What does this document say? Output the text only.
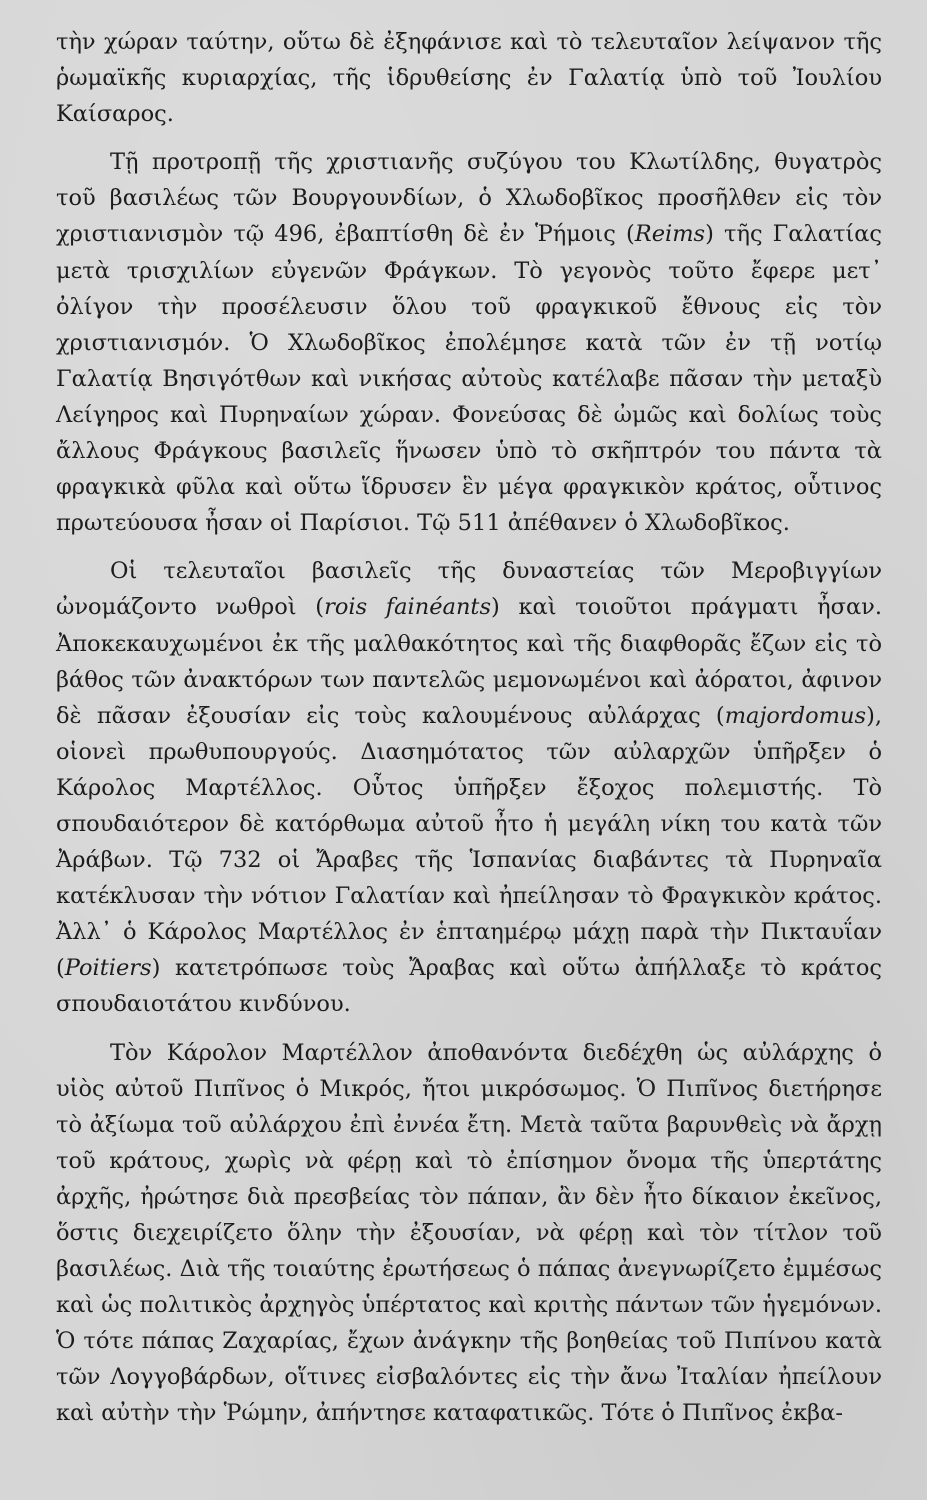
τὴν χώραν ταύτην, οὕτω δὲ ἐξηφάνισε καὶ τὸ τελευταῖον λείψανον τῆς ῥωμαϊκῆς κυριαρχίας, τῆς ἱδρυθείσης ἐν Γαλατίᾳ ὑπὸ τοῦ Ἰουλίου Καίσαρος.

Τῇ προτροπῇ τῆς χριστιανῆς συζύγου του Κλωτίλδης, θυγατρὸς τοῦ βασιλέως τῶν Βουργουνδίων, ὁ Χλωδοβῖκος προσῆλθεν εἰς τὸν χριστιανισμὸν τῷ 496, ἐβαπτίσθη δὲ ἐν Ῥήμοις (Reims) τῆς Γαλατίας μετὰ τρισχιλίων εὐγενῶν Φράγκων. Τὸ γεγονὸς τοῦτο ἔφερε μετ᾽ ὀλίγον τὴν προσέλευσιν ὅλου τοῦ φραγκικοῦ ἔθνους εἰς τὸν χριστιανισμόν. Ὁ Χλωδοβῖκος ἐπολέμησε κατὰ τῶν ἐν τῇ νοτίῳ Γαλατίᾳ Βησιγότθων καὶ νικήσας αὐτοὺς κατέλαβε πᾶσαν τὴν μεταξὺ Λείγηρος καὶ Πυρηναίων χώραν. Φονεύσας δὲ ὠμῶς καὶ δολίως τοὺς ἄλλους Φράγκους βασιλεῖς ἥνωσεν ὑπὸ τὸ σκῆπτρόν του πάντα τὰ φραγκικὰ φῦλα καὶ οὕτω ἵδρυσεν ἓν μέγα φραγκικὸν κράτος, οὗτινος πρωτεύουσα ἦσαν οἱ Παρίσιοι. Τῷ 511 ἀπέθανεν ὁ Χλωδοβῖκος.

Οἱ τελευταῖοι βασιλεῖς τῆς δυναστείας τῶν Μεροβιγγίων ὠνομάζοντο νωθροὶ (rois fainéants) καὶ τοιοῦτοι πράγματι ἦσαν. Ἀποκεκαυχωμένοι ἐκ τῆς μαλθακότητος καὶ τῆς διαφθορᾶς ἔζων εἰς τὸ βάθος τῶν ἀνακτόρων των παντελῶς μεμονωμένοι καὶ ἀόρατοι, ἀφινον δὲ πᾶσαν ἐξουσίαν εἰς τοὺς καλουμένους αὐλάρχας (majordomus), οἱονεὶ πρωθυπουργούς. Διασημότατος τῶν αὐλαρχῶν ὑπῆρξεν ὁ Κάρολος Μαρτέλλος. Οὗτος ὑπῆρξεν ἔξοχος πολεμιστής. Τὸ σπουδαιότερον δὲ κατόρθωμα αὐτοῦ ἦτο ἡ μεγάλη νίκη του κατὰ τῶν Ἀράβων. Τῷ 732 οἱ Ἄραβες τῆς Ἱσπανίας διαβάντες τὰ Πυρηναῖα κατέκλυσαν τὴν νότιον Γαλατίαν καὶ ἠπείλησαν τὸ Φραγκικὸν κράτος. Ἀλλ᾽ ὁ Κάρολος Μαρτέλλος ἐν ἑπταημέρῳ μάχῃ παρὰ τὴν Πικταυΐαν (Poitiers) κατετρόπωσε τοὺς Ἄραβας καὶ οὕτω ἀπήλλαξε τὸ κράτος σπουδαιοτάτου κινδύνου.

Τὸν Κάρολον Μαρτέλλον ἀποθανόντα διεδέχθη ὡς αὐλάρχης ὁ υἱὸς αὐτοῦ Πιπῖνος ὁ Μικρός, ἤτοι μικρόσωμος. Ὁ Πιπῖνος διετήρησε τὸ ἀξίωμα τοῦ αὐλάρχου ἐπὶ ἐννέα ἔτη. Μετὰ ταῦτα βαρυνθεὶς νὰ ἄρχῃ τοῦ κράτους, χωρὶς νὰ φέρῃ καὶ τὸ ἐπίσημον ὄνομα τῆς ὑπερτάτης ἀρχῆς, ἠρώτησε διὰ πρεσβείας τὸν πάπαν, ἂν δὲν ἦτο δίκαιον ἐκεῖνος, ὅστις διεχειρίζετο ὅλην τὴν ἐξουσίαν, νὰ φέρῃ καὶ τὸν τίτλον τοῦ βασιλέως. Διὰ τῆς τοιαύτης ἐρωτήσεως ὁ πάπας ἀνεγνωρίζετο ἐμμέσως καὶ ὡς πολιτικὸς ἀρχηγὸς ὑπέρτατος καὶ κριτὴς πάντων τῶν ἡγεμόνων. Ὁ τότε πάπας Ζαχαρίας, ἔχων ἀνάγκην τῆς βοηθείας τοῦ Πιπίνου κατὰ τῶν Λογγοβάρδων, οἵτινες εἰσβαλόντες εἰς τὴν ἄνω Ἰταλίαν ἠπείλουν καὶ αὐτὴν τὴν Ῥώμην, ἀπήντησε καταφατικῶς. Τότε ὁ Πιπῖνος ἐκβα-
